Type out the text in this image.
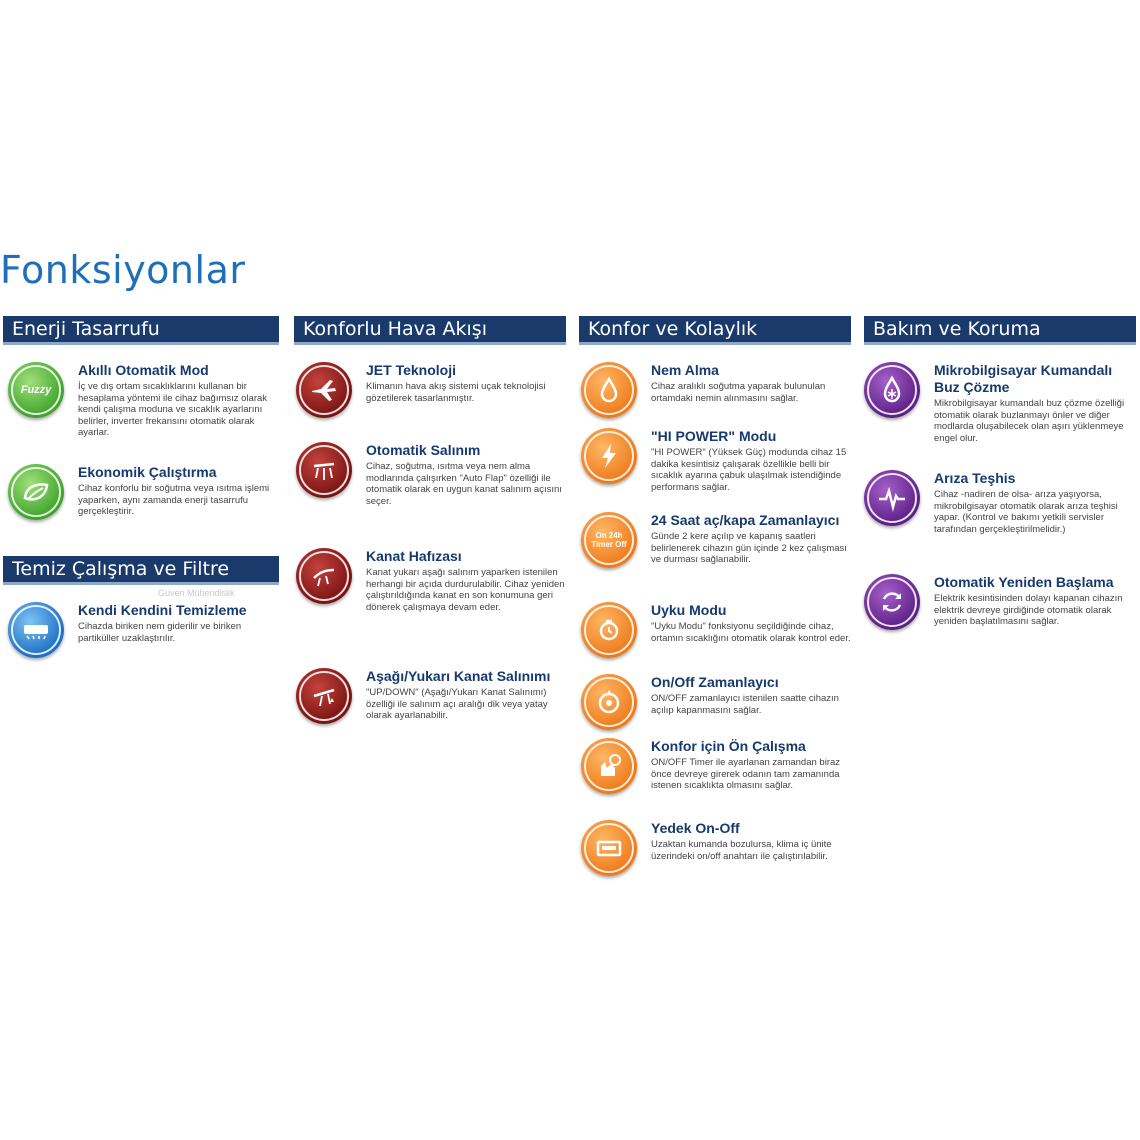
Fonksiyonlar
Enerji Tasarrufu
Fuzzy
Akıllı Otomatik Mod
İç ve dış ortam sıcaklıklarını kullanan bir hesaplama yöntemi ile cihaz bağımsız olarak kendi çalışma moduna ve sıcaklık ayarlarını belirler, inverter frekansını otomatik olarak ayarlar.
Ekonomik Çalıştırma
Cihaz konforlu bir soğutma veya ısıtma işlemi yaparken, aynı zamanda enerji tasarrufu gerçekleştirir.
Temiz Çalışma ve Filtre
Güven Mühendislik
Kendi Kendini Temizleme
Cihazda biriken nem giderilir ve biriken partiküller uzaklaştırılır.
Konforlu Hava Akışı
JET Teknoloji
Klimanın hava akış sistemi uçak teknolojisi gözetilerek tasarlanmıştır.
Otomatik Salınım
Cihaz, soğutma, ısıtma veya nem alma modlarında çalışırken "Auto Flap" özelliği ile otomatik olarak en uygun kanat salınım açısını seçer.
Kanat Hafızası
Kanat yukarı aşağı salınım yaparken istenilen herhangi bir açıda durdurulabilir. Cihaz yeniden çalıştırıldığında kanat en son konumuna geri dönerek çalışmaya devam eder.
Aşağı/Yukarı Kanat Salınımı
"UP/DOWN" (Aşağı/Yukarı Kanat Salınımı) özelliği ile salınım açı aralığı dik veya yatay olarak ayarlanabilir.
Konfor ve Kolaylık
Nem Alma
Cihaz aralıklı soğutma yaparak bulunulan ortamdaki nemin alınmasını sağlar.
"HI POWER" Modu
"HI POWER" (Yüksek Güç) modunda cihaz 15 dakika kesintisiz çalışarak özellikle belli bir sıcaklık ayarına çabuk ulaşılmak istendiğinde performans sağlar.
On 24h Timer Off
24 Saat aç/kapa Zamanlayıcı
Günde 2 kere açılıp ve kapanış saatleri belirlenerek cihazın gün içinde 2 kez çalışması ve durması sağlanabilir.
Uyku Modu
"Uyku Modu" fonksiyonu seçildiğinde cihaz, ortamın sıcaklığını otomatik olarak kontrol eder.
On/Off Zamanlayıcı
ON/OFF zamanlayıcı istenilen saatte cihazın açılıp kapanmasını sağlar.
Konfor için Ön Çalışma
ON/OFF Timer ile ayarlanan zamandan biraz önce devreye girerek odanın tam zamanında istenen sıcaklıkta olmasını sağlar.
Yedek On-Off
Uzaktan kumanda bozulursa, klima iç ünite üzerindeki on/off anahtarı ile çalıştırılabilir.
Bakım ve Koruma
Mikrobilgisayar Kumandalı Buz Çözme
Mikrobilgisayar kumandalı buz çözme özelliği otomatik olarak buzlanmayı önler ve diğer modlarda oluşabilecek olan aşırı yüklenmeye engel olur.
Arıza Teşhis
Cihaz -nadiren de olsa- arıza yaşıyorsa, mikrobilgisayar otomatik olarak arıza teşhisi yapar. (Kontrol ve bakımı yetkili servisler tarafından gerçekleştirilmelidir.)
Otomatik Yeniden Başlama
Elektrik kesintisinden dolayı kapanan cihazın elektrik devreye girdiğinde otomatik olarak yeniden başlatılmasını sağlar.
